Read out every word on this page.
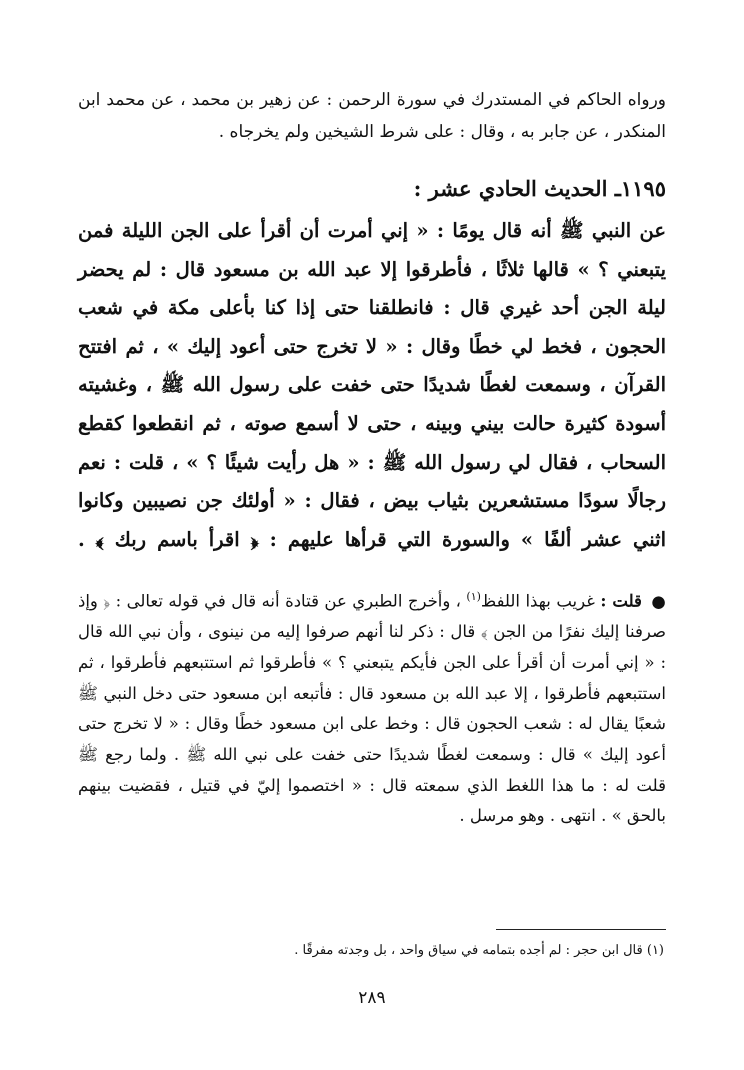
ورواه الحاكم في المستدرك في سورة الرحمن : عن زهير بن محمد ، عن محمد ابن المنكدر ، عن جابر به ، وقال : على شرط الشيخين ولم يخرجاه .
١١٩٥ـ الحديث الحادي عشر :
عن النبي ﷺ أنه قال يومًا : « إني أمرت أن أقرأ على الجن الليلة فمن يتبعني ؟ » قالها ثلاثًا ، فأطرقوا إلا عبد الله بن مسعود قال : لم يحضر ليلة الجن أحد غيري قال : فانطلقنا حتى إذا كنا بأعلى مكة في شعب الحجون ، فخط لي خطًا وقال : « لا تخرج حتى أعود إليك » ، ثم افتتح القرآن ، وسمعت لغطًا شديدًا حتى خفت على رسول الله ﷺ ، وغشيته أسودة كثيرة حالت بيني وبينه ، حتى لا أسمع صوته ، ثم انقطعوا كقطع السحاب ، فقال لي رسول الله ﷺ : « هل رأيت شيئًا ؟ » ، قلت : نعم رجالًا سودًا مستشعرين بثياب بيض ، فقال : « أولئك جن نصيبين وكانوا اثني عشر ألفًا » والسورة التي قرأها عليهم : ﴿ اقرأ باسم ربك ﴾ .
● قلت : غريب بهذا اللفظ$^{(١)}$ ، وأخرج الطبري عن قتادة أنه قال في قوله تعالى : ﴿ وإذ صرفنا إليك نفرًا من الجن ﴾ قال : ذكر لنا أنهم صرفوا إليه من نينوى ، وأن نبي الله قال : « إني أمرت أن أقرأ على الجن فأيكم يتبعني ؟ » فأطرقوا ثم استتبعهم فأطرقوا ، ثم استتبعهم فأطرقوا ، إلا عبد الله بن مسعود قال : فأتبعه ابن مسعود حتى دخل النبي ﷺ شعبًا يقال له : شعب الحجون قال : وخط على ابن مسعود خطًا وقال : « لا تخرج حتى أعود إليك » قال : وسمعت لغطًا شديدًا حتى خفت على نبي الله ﷺ . ولما رجع ﷺ قلت له : ما هذا اللغط الذي سمعته قال : « اختصموا إليّ في قتيل ، فقضيت بينهم بالحق » . انتهى . وهو مرسل .
(١) قال ابن حجر : لم أجده بتمامه في سياق واحد ، بل وجدته مفرقًا .
٢٨٩
